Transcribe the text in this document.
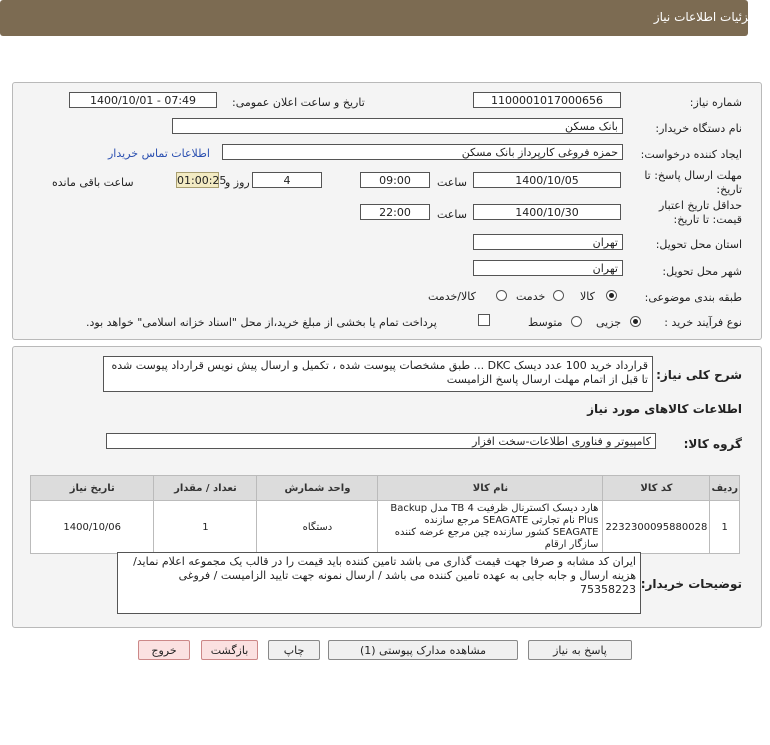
جزئیات اطلاعات نیاز
شماره نیاز:
1100001017000656
تاریخ و ساعت اعلان عمومی:
1400/10/01 - 07:49
نام دستگاه خریدار:
بانک مسکن
ایجاد کننده درخواست:
حمزه فروغی کارپرداز بانک مسکن
اطلاعات تماس خریدار
مهلت ارسال پاسخ: تا تاریخ:
1400/10/05
ساعت
09:00
4
روز و
01:00:25
ساعت باقی مانده
حداقل تاریخ اعتبار قیمت: تا تاریخ:
1400/10/30
ساعت
22:00
استان محل تحویل:
تهران
شهر محل تحویل:
تهران
طبقه بندی موضوعی:
کالا
خدمت
کالا/خدمت
نوع فرآیند خرید :
جزیی
متوسط
پرداخت تمام یا بخشی از مبلغ خرید،از محل "اسناد خزانه اسلامی" خواهد بود.
شرح کلی نیاز:
قرارداد خرید 100 عدد دیسک DKC ... طبق مشخصات پیوست شده ، تکمیل و ارسال پیش نویس قرارداد پیوست شده تا قبل از اتمام مهلت ارسال پاسخ الزامیست
اطلاعات کالاهای مورد نیاز
گروه کالا:
کامپیوتر و فناوری اطلاعات-سخت افزار
ردیف	کد کالا	نام کالا	واحد شمارش	تعداد / مقدار	تاریخ نیاز
1	2232300095880028	هارد دیسک اکسترنال ظرفیت 4 TB مدل Backup Plus نام تجارتی SEAGATE مرجع سازنده SEAGATE کشور سازنده چین مرجع عرضه کننده سازگار ارقام	دستگاه	1	1400/10/06
توضیحات خریدار:
ایران کد مشابه و صرفا جهت قیمت گذاری می باشد تامین کننده باید قیمت را در قالب یک مجموعه اعلام نماید/ هزینه ارسال و جابه جایی به عهده تامین کننده می باشد / ارسال نمونه جهت تایید الزامیست / فروغی 75358223
پاسخ به نیاز
مشاهده مدارک پیوستی (1)
چاپ
بازگشت
خروج
